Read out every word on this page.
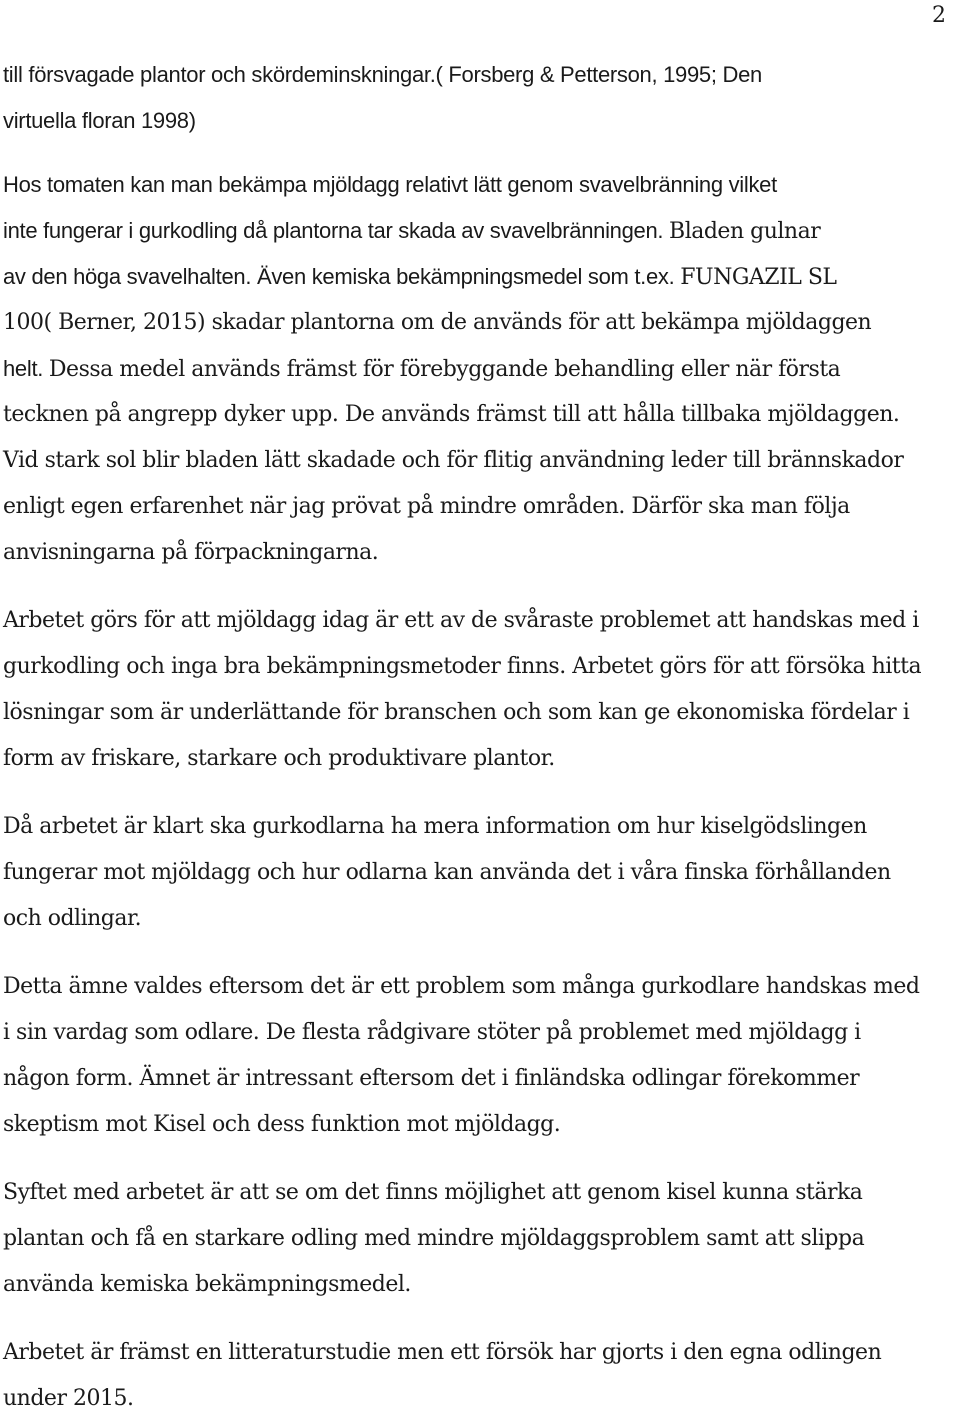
2

till försvagade plantor och skördeminskningar.( Forsberg & Petterson, 1995; Den
virtuella floran 1998)

Hos tomaten kan man bekämpa mjöldagg relativt lätt genom svavelbränning vilket
inte fungerar i gurkodling då plantorna tar skada av svavelbränningen. Bladen gulnar
av den höga svavelhalten. Även kemiska bekämpningsmedel som t.ex. FUNGAZIL SL
100( Berner, 2015) skadar plantorna om de används för att bekämpa mjöldaggen
helt. Dessa medel används främst för förebyggande behandling eller när första
tecknen på angrepp dyker upp. De används främst till att hålla tillbaka mjöldaggen.
Vid stark sol blir bladen lätt skadade och för flitig användning leder till brännskador
enligt egen erfarenhet när jag prövat på mindre områden. Därför ska man följa
anvisningarna på förpackningarna.

Arbetet görs för att mjöldagg idag är ett av de svåraste problemet att handskas med i
gurkodling och inga bra bekämpningsmetoder finns. Arbetet görs för att försöka hitta
lösningar som är underlättande för branschen och som kan ge ekonomiska fördelar i
form av friskare, starkare och produktivare plantor.

Då arbetet är klart ska gurkodlarna ha mera information om hur kiselgödslingen
fungerar mot mjöldagg och hur odlarna kan använda det i våra finska förhållanden
och odlingar.

Detta ämne valdes eftersom det är ett problem som många gurkodlare handskas med
i sin vardag som odlare. De flesta rådgivare stöter på problemet med mjöldagg i
någon form. Ämnet är intressant eftersom det i finländska odlingar förekommer
skeptism mot Kisel och dess funktion mot mjöldagg.

Syftet med arbetet är att se om det finns möjlighet att genom kisel kunna stärka
plantan och få en starkare odling med mindre mjöldaggsproblem samt att slippa
använda kemiska bekämpningsmedel.

Arbetet är främst en litteraturstudie men ett försök har gjorts i den egna odlingen
under 2015.
